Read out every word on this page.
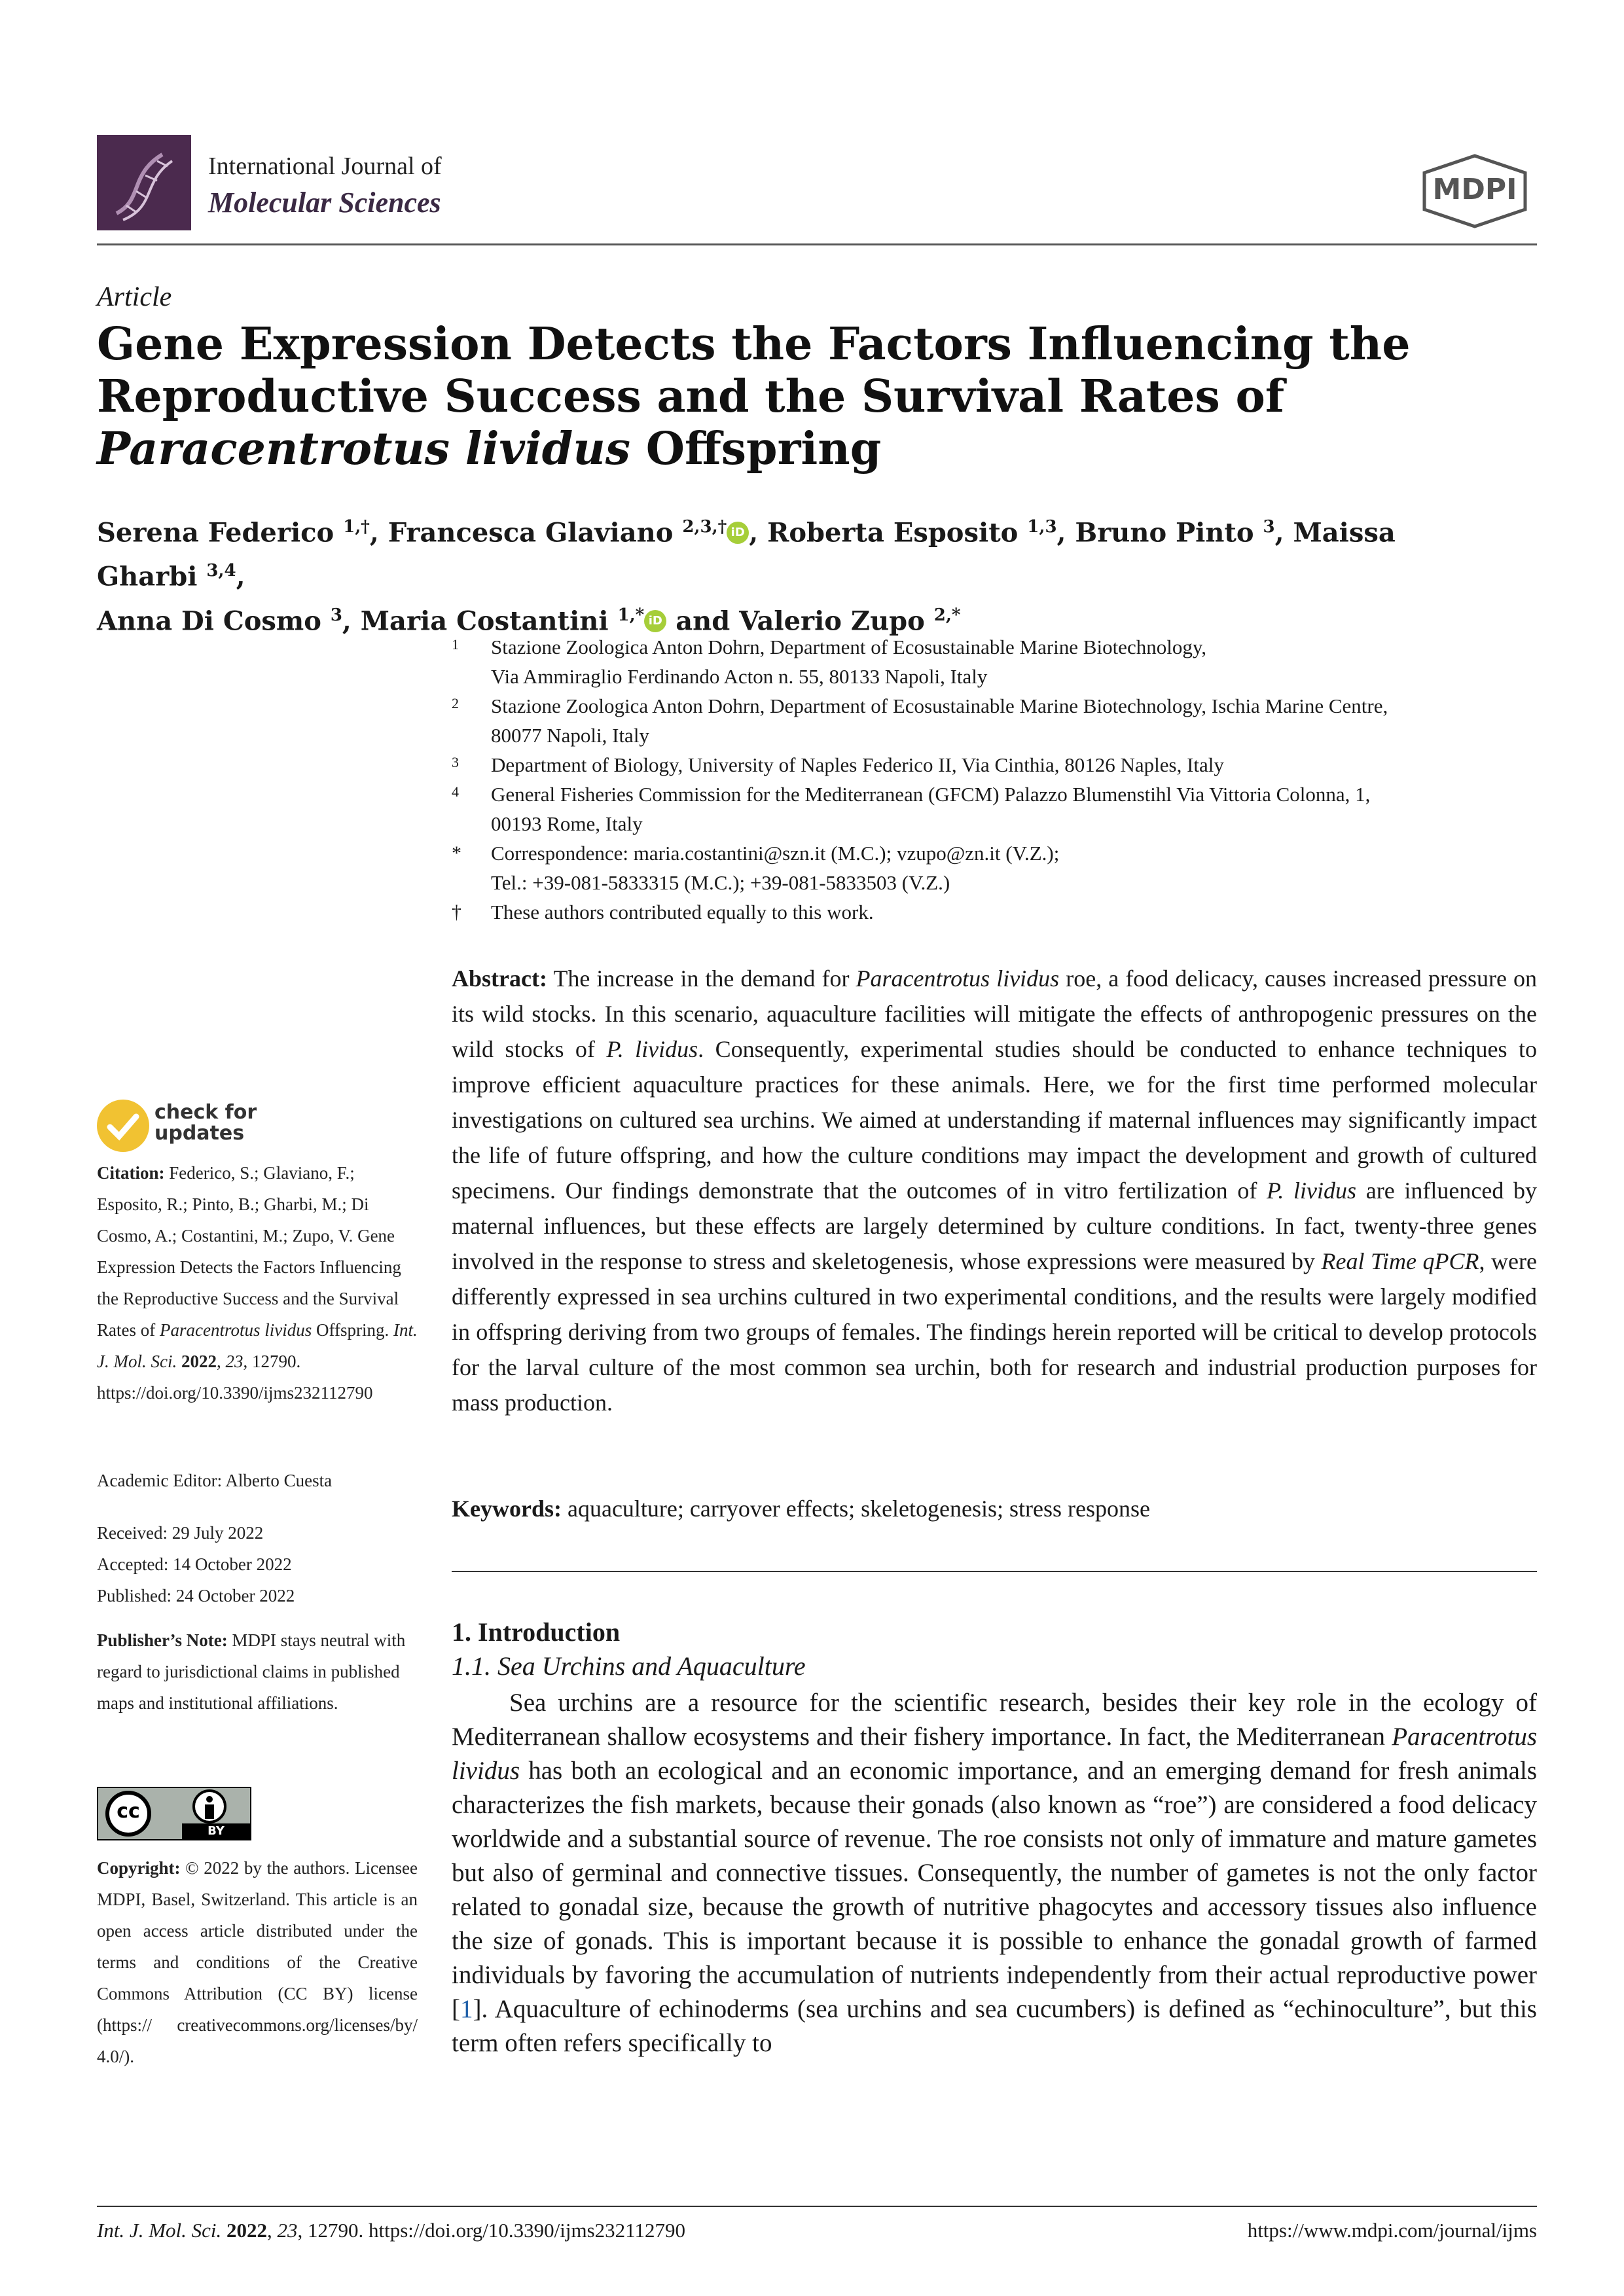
International Journal of
Molecular Sciences	MDPI
Article
Gene Expression Detects the Factors Influencing the
Reproductive Success and the Survival Rates of
Paracentrotus lividus Offspring
Serena Federico $^{1,\dagger}$, Francesca Glaviano $^{2,3,\dagger}$ iD , Roberta Esposito $^{1,3}$, Bruno Pinto $^3$, Maissa Gharbi $^{3,4}$,
Anna Di Cosmo $^3$, Maria Costantini $^{1,*}$ iD and Valerio Zupo $^{2,*}$
1 Stazione Zoologica Anton Dohrn, Department of Ecosustainable Marine Biotechnology,
Via Ammiraglio Ferdinando Acton n. 55, 80133 Napoli, Italy
2 Stazione Zoologica Anton Dohrn, Department of Ecosustainable Marine Biotechnology, Ischia Marine Centre,
80077 Napoli, Italy
3 Department of Biology, University of Naples Federico II, Via Cinthia, 80126 Naples, Italy
4 General Fisheries Commission for the Mediterranean (GFCM) Palazzo Blumenstihl Via Vittoria Colonna, 1,
00193 Rome, Italy
* Correspondence: maria.costantini@szn.it (M.C.); vzupo@zn.it (V.Z.);
Tel.: +39-081-5833315 (M.C.); +39-081-5833503 (V.Z.)
† These authors contributed equally to this work.
Abstract: The increase in the demand for Paracentrotus lividus roe, a food delicacy, causes increased pressure on its wild stocks. In this scenario, aquaculture facilities will mitigate the effects of anthropogenic pressures on the wild stocks of P. lividus. Consequently, experimental studies should be conducted to enhance techniques to improve efficient aquaculture practices for these animals. Here, we for the first time performed molecular investigations on cultured sea urchins. We aimed at understanding if maternal influences may significantly impact the life of future offspring, and how the culture conditions may impact the development and growth of cultured specimens. Our findings demonstrate that the outcomes of in vitro fertilization of P. lividus are influenced by maternal influences, but these effects are largely determined by culture conditions. In fact, twenty-three genes involved in the response to stress and skeletogenesis, whose expressions were measured by Real Time qPCR, were differently expressed in sea urchins cultured in two experimental conditions, and the results were largely modified in offspring deriving from two groups of females. The findings herein reported will be critical to develop protocols for the larval culture of the most common sea urchin, both for research and industrial production purposes for mass production.
Keywords: aquaculture; carryover effects; skeletogenesis; stress response
1. Introduction
1.1. Sea Urchins and Aquaculture
Sea urchins are a resource for the scientific research, besides their key role in the ecology of Mediterranean shallow ecosystems and their fishery importance. In fact, the Mediterranean Paracentrotus lividus has both an ecological and an economic importance, and an emerging demand for fresh animals characterizes the fish markets, because their gonads (also known as “roe”) are considered a food delicacy worldwide and a substantial source of revenue. The roe consists not only of immature and mature gametes but also of germinal and connective tissues. Consequently, the number of gametes is not the only factor related to gonadal size, because the growth of nutritive phagocytes and accessory tissues also influence the size of gonads. This is important because it is possible to enhance the gonadal growth of farmed individuals by favoring the accumulation of nutrients independently from their actual reproductive power [1]. Aquaculture of echinoderms (sea urchins and sea cucumbers) is defined as “echinoculture”, but this term often refers specifically to
check for
updates
Citation: Federico, S.; Glaviano, F.; Esposito, R.; Pinto, B.; Gharbi, M.; Di Cosmo, A.; Costantini, M.; Zupo, V. Gene Expression Detects the Factors Influencing the Reproductive Success and the Survival Rates of Paracentrotus lividus Offspring. Int. J. Mol. Sci. 2022, 23, 12790. https://doi.org/10.3390/ijms232112790
Academic Editor: Alberto Cuesta
Received: 29 July 2022
Accepted: 14 October 2022
Published: 24 October 2022
Publisher’s Note: MDPI stays neutral with regard to jurisdictional claims in published maps and institutional affiliations.
cc
BY
Copyright: © 2022 by the authors. Licensee MDPI, Basel, Switzerland. This article is an open access article distributed under the terms and conditions of the Creative Commons Attribution (CC BY) license (https:// creativecommons.org/licenses/by/ 4.0/).
Int. J. Mol. Sci. 2022, 23, 12790. https://doi.org/10.3390/ijms232112790	https://www.mdpi.com/journal/ijms
